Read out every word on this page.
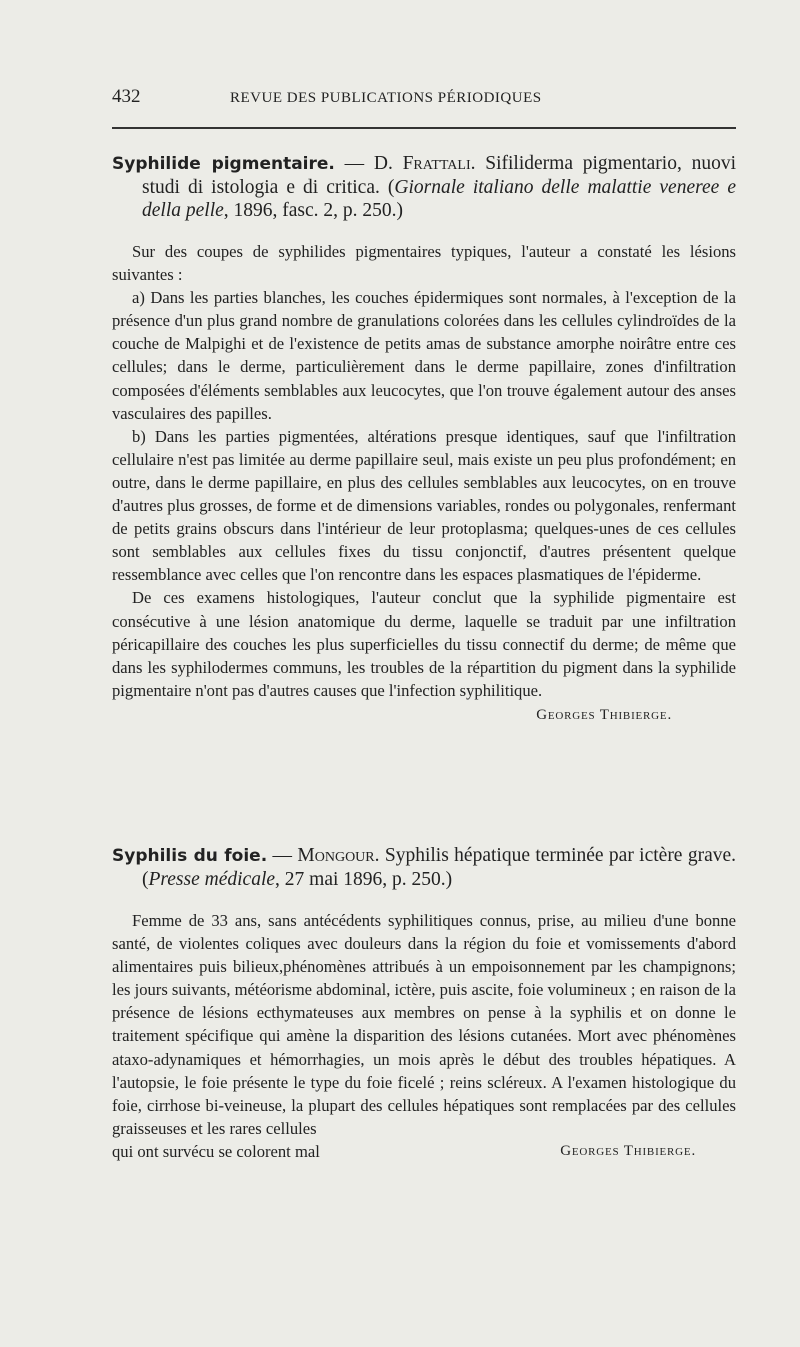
432	REVUE DES PUBLICATIONS PÉRIODIQUES

Syphilide pigmentaire. — D. Frattali. Sifiliderma pigmentario, nuovi studi di istologia e di critica. (Giornale italiano delle malattie veneree e della pelle, 1896, fasc. 2, p. 250.)

Sur des coupes de syphilides pigmentaires typiques, l'auteur a constaté les lésions suivantes :

a) Dans les parties blanches, les couches épidermiques sont normales, à l'exception de la présence d'un plus grand nombre de granulations colorées dans les cellules cylindroïdes de la couche de Malpighi et de l'existence de petits amas de substance amorphe noirâtre entre ces cellules; dans le derme, particulièrement dans le derme papillaire, zones d'infiltration composées d'éléments semblables aux leucocytes, que l'on trouve également autour des anses vasculaires des papilles.

b) Dans les parties pigmentées, altérations presque identiques, sauf que l'infiltration cellulaire n'est pas limitée au derme papillaire seul, mais existe un peu plus profondément; en outre, dans le derme papillaire, en plus des cellules semblables aux leucocytes, on en trouve d'autres plus grosses, de forme et de dimensions variables, rondes ou polygonales, renfermant de petits grains obscurs dans l'intérieur de leur protoplasma; quelques-unes de ces cellules sont semblables aux cellules fixes du tissu conjonctif, d'autres présentent quelque ressemblance avec celles que l'on rencontre dans les espaces plasmatiques de l'épiderme.

De ces examens histologiques, l'auteur conclut que la syphilide pigmentaire est consécutive à une lésion anatomique du derme, laquelle se traduit par une infiltration péricapillaire des couches les plus superficielles du tissu connectif du derme; de même que dans les syphilodermes communs, les troubles de la répartition du pigment dans la syphilide pigmentaire n'ont pas d'autres causes que l'infection syphilitique.

Georges Thibierge.

Syphilis du foie. — Mongour. Syphilis hépatique terminée par ictère grave. (Presse médicale, 27 mai 1896, p. 250.)

Femme de 33 ans, sans antécédents syphilitiques connus, prise, au milieu d'une bonne santé, de violentes coliques avec douleurs dans la région du foie et vomissements d'abord alimentaires puis bilieux,phénomènes attribués à un empoisonnement par les champignons; les jours suivants, météorisme abdominal, ictère, puis ascite, foie volumineux ; en raison de la présence de lésions ecthymateuses aux membres on pense à la syphilis et on donne le traitement spécifique qui amène la disparition des lésions cutanées. Mort avec phénomènes ataxo-adynamiques et hémorrhagies, un mois après le début des troubles hépatiques. A l'autopsie, le foie présente le type du foie ficelé ; reins scléreux. A l'examen histologique du foie, cirrhose bi-veineuse, la plupart des cellules hépatiques sont remplacées par des cellules graisseuses et les rares cellules

qui ont survécu se colorent mal	Georges Thibierge.
